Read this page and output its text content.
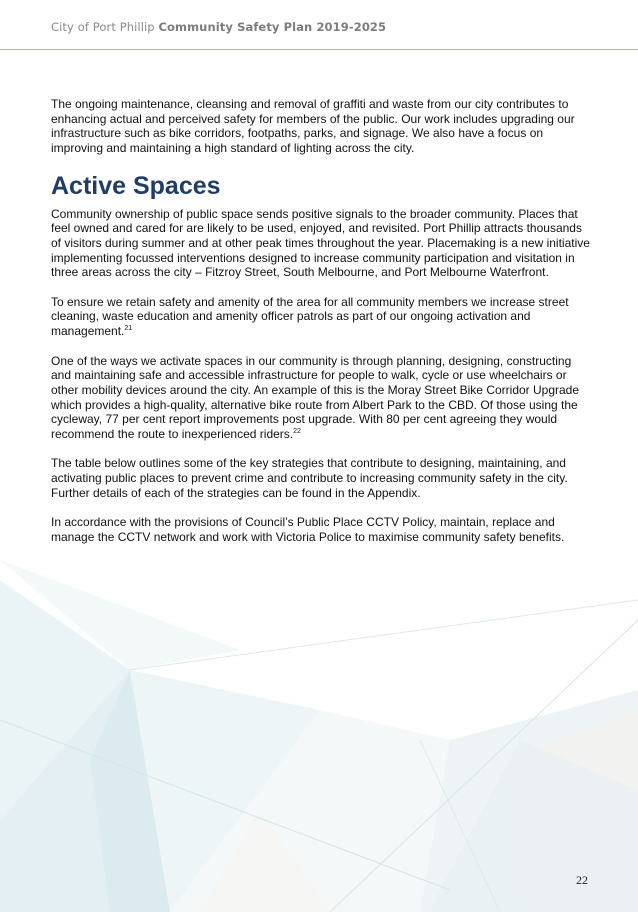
City of Port Phillip Community Safety Plan 2019-2025

The ongoing maintenance, cleansing and removal of graffiti and waste from our city contributes to enhancing actual and perceived safety for members of the public. Our work includes upgrading our infrastructure such as bike corridors, footpaths, parks, and signage. We also have a focus on improving and maintaining a high standard of lighting across the city.

Active Spaces

Community ownership of public space sends positive signals to the broader community. Places that feel owned and cared for are likely to be used, enjoyed, and revisited. Port Phillip attracts thousands of visitors during summer and at other peak times throughout the year. Placemaking is a new initiative implementing focussed interventions designed to increase community participation and visitation in three areas across the city – Fitzroy Street, South Melbourne, and Port Melbourne Waterfront.

To ensure we retain safety and amenity of the area for all community members we increase street cleaning, waste education and amenity officer patrols as part of our ongoing activation and management.$^{21}$

One of the ways we activate spaces in our community is through planning, designing, constructing and maintaining safe and accessible infrastructure for people to walk, cycle or use wheelchairs or other mobility devices around the city. An example of this is the Moray Street Bike Corridor Upgrade which provides a high-quality, alternative bike route from Albert Park to the CBD. Of those using the cycleway, 77 per cent report improvements post upgrade. With 80 per cent agreeing they would recommend the route to inexperienced riders.$^{22}$

The table below outlines some of the key strategies that contribute to designing, maintaining, and activating public places to prevent crime and contribute to increasing community safety in the city. Further details of each of the strategies can be found in the Appendix.

In accordance with the provisions of Council’s Public Place CCTV Policy, maintain, replace and manage the CCTV network and work with Victoria Police to maximise community safety benefits.

22
